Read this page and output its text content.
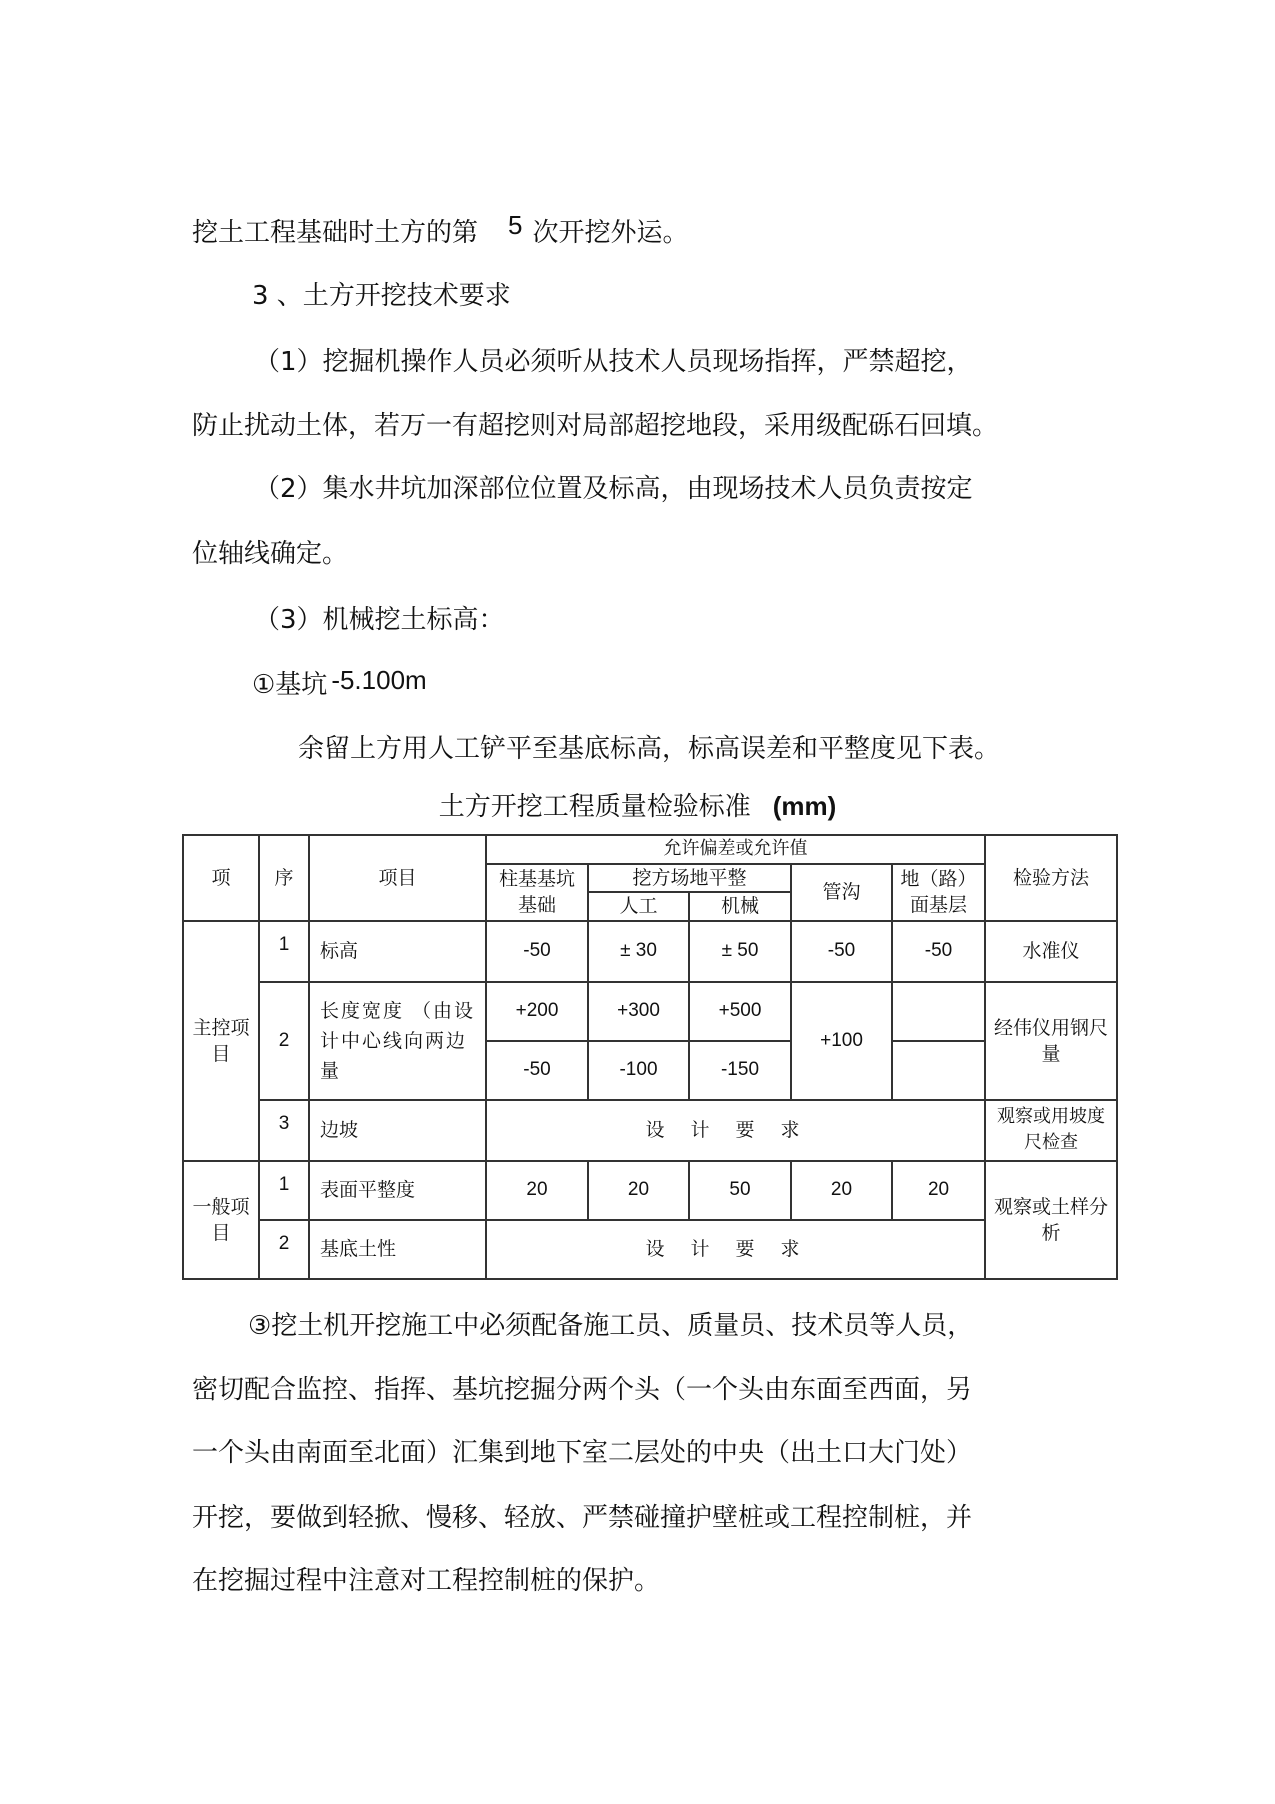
挖土工程基础时土方的第 5 次开挖外运。
3 、土方开挖技术要求
（1）挖掘机操作人员必须听从技术人员现场指挥，严禁超挖，
防止扰动土体，若万一有超挖则对局部超挖地段，采用级配砾石回填。
（2）集水井坑加深部位位置及标高，由现场技术人员负责按定
位轴线确定。
（3）机械挖土标高：
①基坑 -5.100m
余留上方用人工铲平至基底标高，标高误差和平整度见下表。
土方开挖工程质量检验标准 (mm)
项	序	项目	允许偏差或允许值					检验方法
			柱基基坑基础	挖方场地平整		管沟	地（路）面基层	
				人工	机械			
主控项目	1	标高	-50	± 30	± 50	-50	-50	水准仪
	2	长度宽度 （由设计中心线向两边量	+200	+300	+500	+100		经伟仪用钢尺量
			-50	-100	-150			
	3	边坡	设计要求					观察或用坡度尺检查
一般项目	1	表面平整度	20	20	50	20	20	观察或土样分析
	2	基底土性	设计要求					
③挖土机开挖施工中必须配备施工员、质量员、技术员等人员，
密切配合监控、指挥、基坑挖掘分两个头（一个头由东面至西面，另
一个头由南面至北面）汇集到地下室二层处的中央（出土口大门处）
开挖，要做到轻掀、慢移、轻放、严禁碰撞护壁桩或工程控制桩，并
在挖掘过程中注意对工程控制桩的保护。
